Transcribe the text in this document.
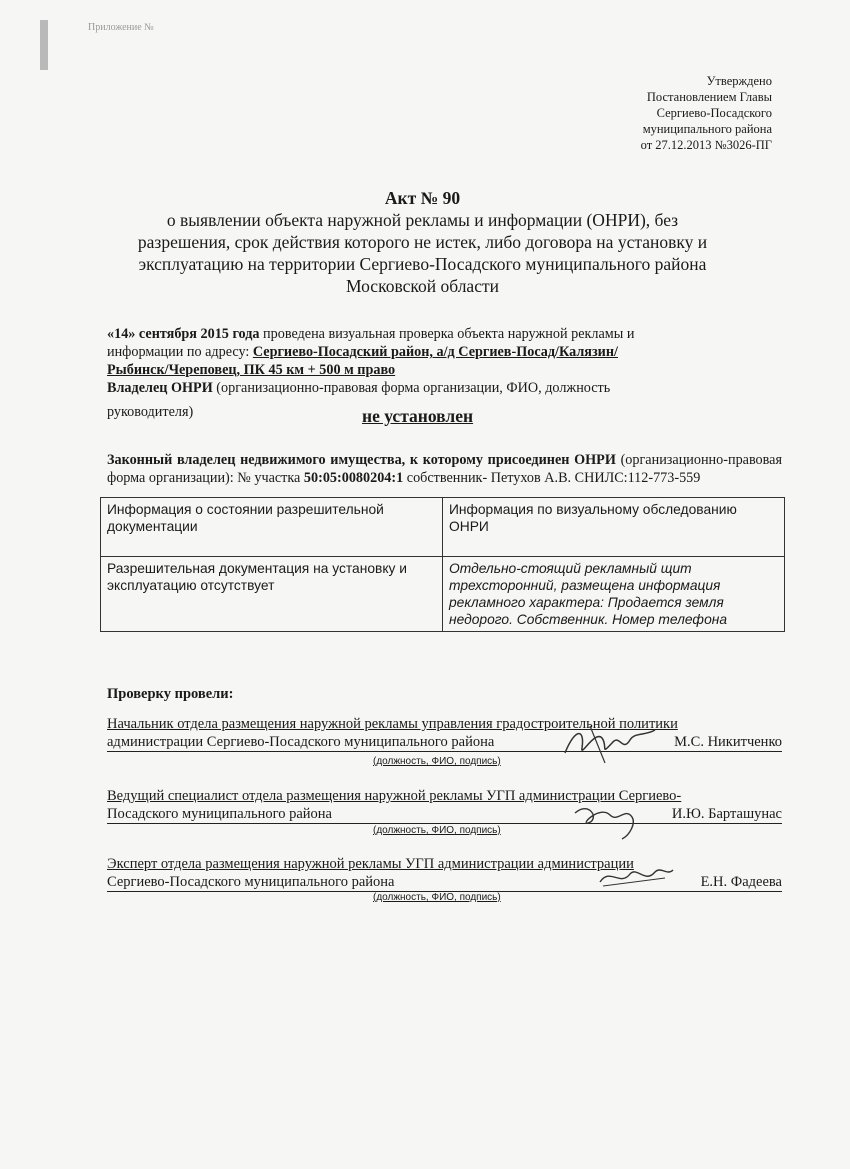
Приложение №
Утверждено
Постановлением Главы
Сергиево-Посадского
муниципального района
от 27.12.2013 №3026-ПГ
Акт № 90
о выявлении объекта наружной рекламы и информации (ОНРИ), без
разрешения, срок действия которого не истек, либо договора на установку и
эксплуатацию на территории Сергиево-Посадского муниципального района
Московской области
«14» сентября 2015 года проведена визуальная проверка объекта наружной рекламы и
информации по адресу: Сергиево-Посадский район, а/д Сергиев-Посад/Калязин/
Рыбинск/Череповец, ПК 45 км + 500 м право
Владелец ОНРИ (организационно-правовая форма организации, ФИО, должность
руководителя)	не установлен
Законный владелец недвижимого имущества, к которому присоединен ОНРИ (организационно-правовая форма организации): № участка 50:05:0080204:1 собственник- Петухов А.В. СНИЛС:112-773-559
Информация о состоянии разрешительной документации	Информация по визуальному обследованию ОНРИ
Разрешительная документация на установку и эксплуатацию отсутствует	Отдельно-стоящий рекламный щит трехсторонний, размещена информация рекламного характера: Продается земля недорого. Собственник. Номер телефона
Проверку провели:
Начальник отдела размещения наружной рекламы управления градостроительной политики
администрации Сергиево-Посадского муниципального района	М.С. Никитченко
(должность, ФИО, подпись)
Ведущий специалист отдела размещения наружной рекламы УГП администрации Сергиево-
Посадского муниципального района	И.Ю. Барташунас
(должность, ФИО, подпись)
Эксперт отдела размещения наружной рекламы УГП администрации администрации
Сергиево-Посадского муниципального района	Е.Н. Фадеева
(должность, ФИО, подпись)
